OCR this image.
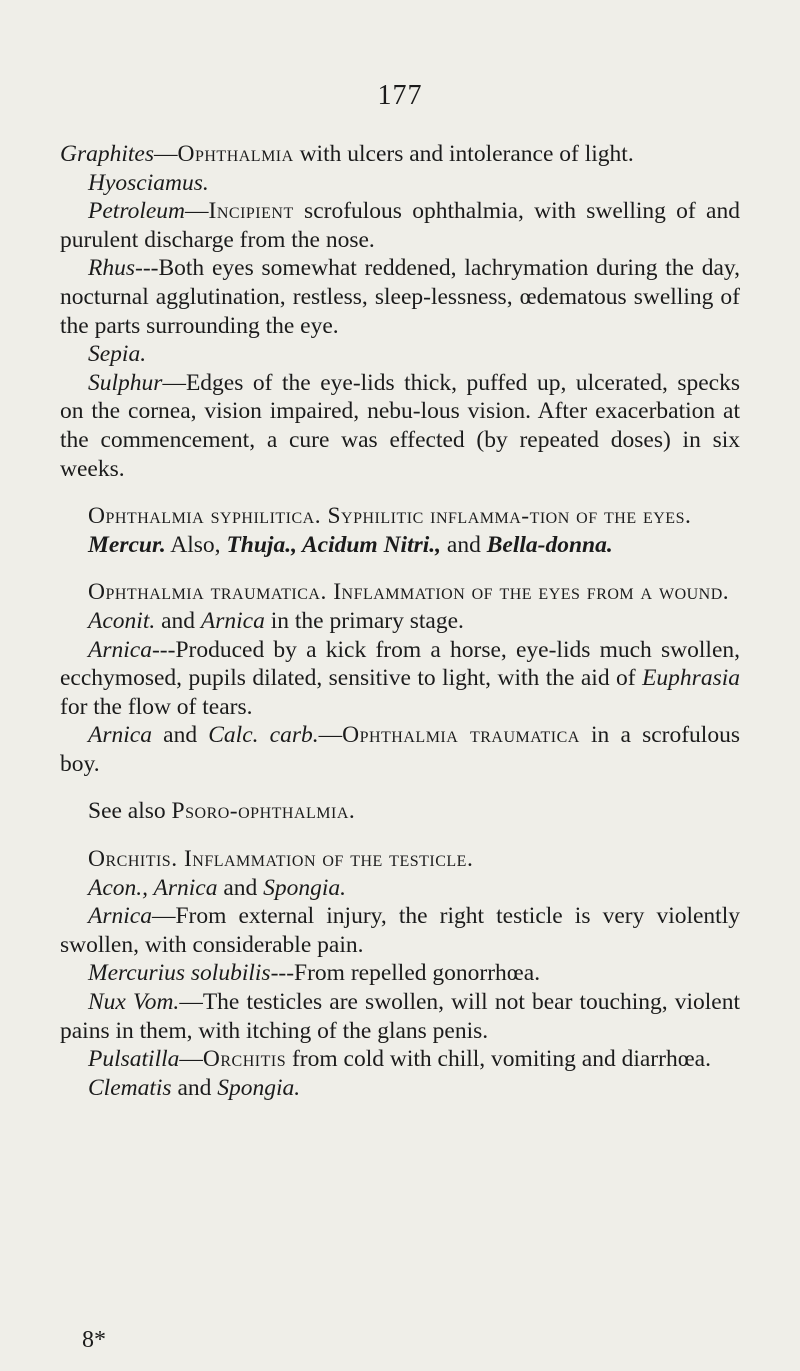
177

Graphites—Ophthalmia with ulcers and intolerance of light.

Hyosciamus.

Petroleum—Incipient scrofulous ophthalmia, with swelling of and purulent discharge from the nose.

Rhus---Both eyes somewhat reddened, lachrymation during the day, nocturnal agglutination, restless, sleep-lessness, œdematous swelling of the parts surrounding the eye.

Sepia.

Sulphur—Edges of the eye-lids thick, puffed up, ulcerated, specks on the cornea, vision impaired, nebu-lous vision. After exacerbation at the commencement, a cure was effected (by repeated doses) in six weeks.

Ophthalmia syphilitica. Syphilitic inflamma-tion of the eyes.

Mercur. Also, Thuja., Acidum Nitri., and Bella-donna.

Ophthalmia traumatica. Inflammation of the eyes from a wound.

Aconit. and Arnica in the primary stage.

Arnica---Produced by a kick from a horse, eye-lids much swollen, ecchymosed, pupils dilated, sensitive to light, with the aid of Euphrasia for the flow of tears.

Arnica and Calc. carb.—Ophthalmia traumatica in a scrofulous boy.

See also Psoro-ophthalmia.

Orchitis. Inflammation of the testicle.

Acon., Arnica and Spongia.

Arnica—From external injury, the right testicle is very violently swollen, with considerable pain.

Mercurius solubilis---From repelled gonorrhœa.

Nux Vom.—The testicles are swollen, will not bear touching, violent pains in them, with itching of the glans penis.

Pulsatilla—Orchitis from cold with chill, vomiting and diarrhœa.

Clematis and Spongia.

8*
